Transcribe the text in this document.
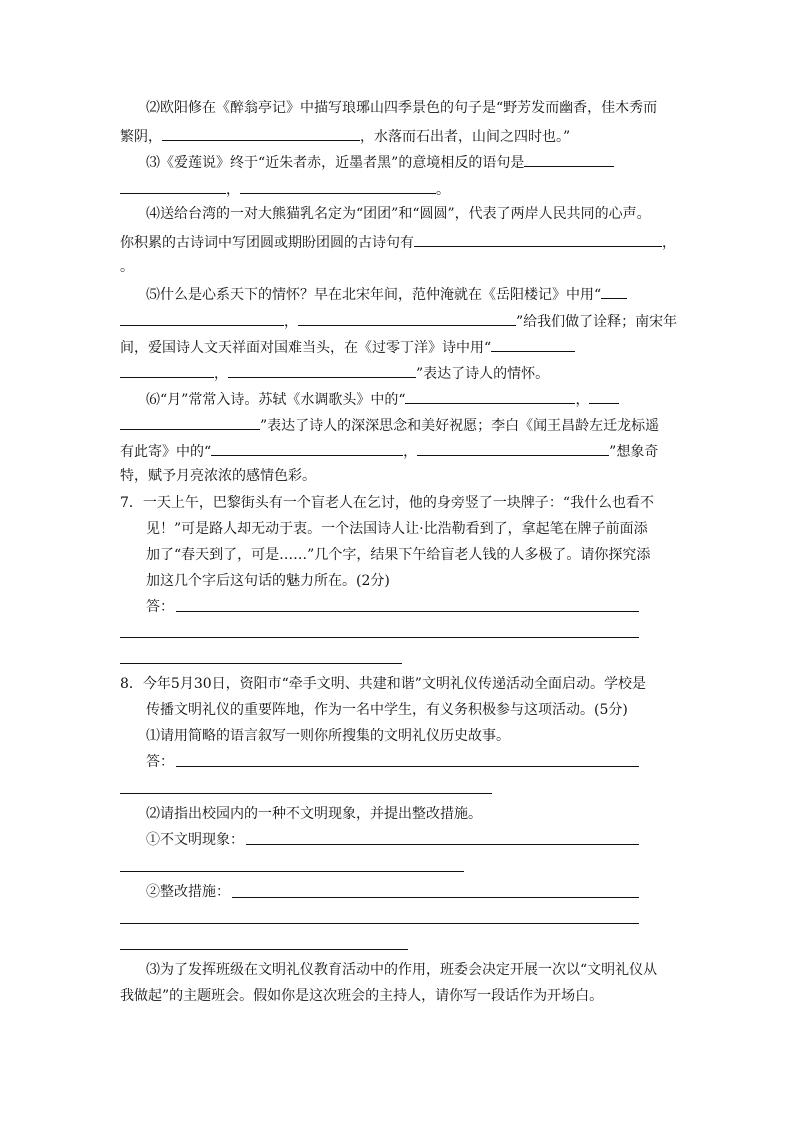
⑵欧阳修在《醉翁亭记》中描写琅琊山四季景色的句子是“野芳发而幽香，佳木秀而
繁阴，	，水落而石出者，山间之四时也。”
⑶《爱莲说》终于“近朱者赤，近墨者黑”的意境相反的语句是
，	。
⑷送给台湾的一对大熊猫乳名定为“团团”和“圆圆”，代表了两岸人民共同的心声。
你积累的古诗词中写团圆或期盼团圆的古诗句有	，
。
⑸什么是心系天下的情怀？早在北宋年间，范仲淹就在《岳阳楼记》中用“
，	”给我们做了诠释；南宋年
间，爱国诗人文天祥面对国难当头，在《过零丁洋》诗中用“
，	”表达了诗人的情怀。
⑹“月”常常入诗。苏轼《水调歌头》中的“	，
”表达了诗人的深深思念和美好祝愿；李白《闻王昌龄左迁龙标遥
有此寄》中的“	，	”想象奇
特，赋予月亮浓浓的感情色彩。
7．一天上午，巴黎街头有一个盲老人在乞讨，他的身旁竖了一块牌子：“我什么也看不
见！”可是路人却无动于衷。一个法国诗人让·比浩勒看到了，拿起笔在牌子前面添
加了“春天到了，可是……”几个字，结果下午给盲老人钱的人多极了。请你探究添
加这几个字后这句话的魅力所在。(2分)
答：
8．今年5月30日，资阳市“牵手文明、共建和谐”文明礼仪传递活动全面启动。学校是
传播文明礼仪的重要阵地，作为一名中学生，有义务积极参与这项活动。(5分)
⑴请用简略的语言叙写一则你所搜集的文明礼仪历史故事。
答：
⑵请指出校园内的一种不文明现象，并提出整改措施。
①不文明现象：
②整改措施：
⑶为了发挥班级在文明礼仪教育活动中的作用，班委会决定开展一次以“文明礼仪从
我做起”的主题班会。假如你是这次班会的主持人，请你写一段话作为开场白。
